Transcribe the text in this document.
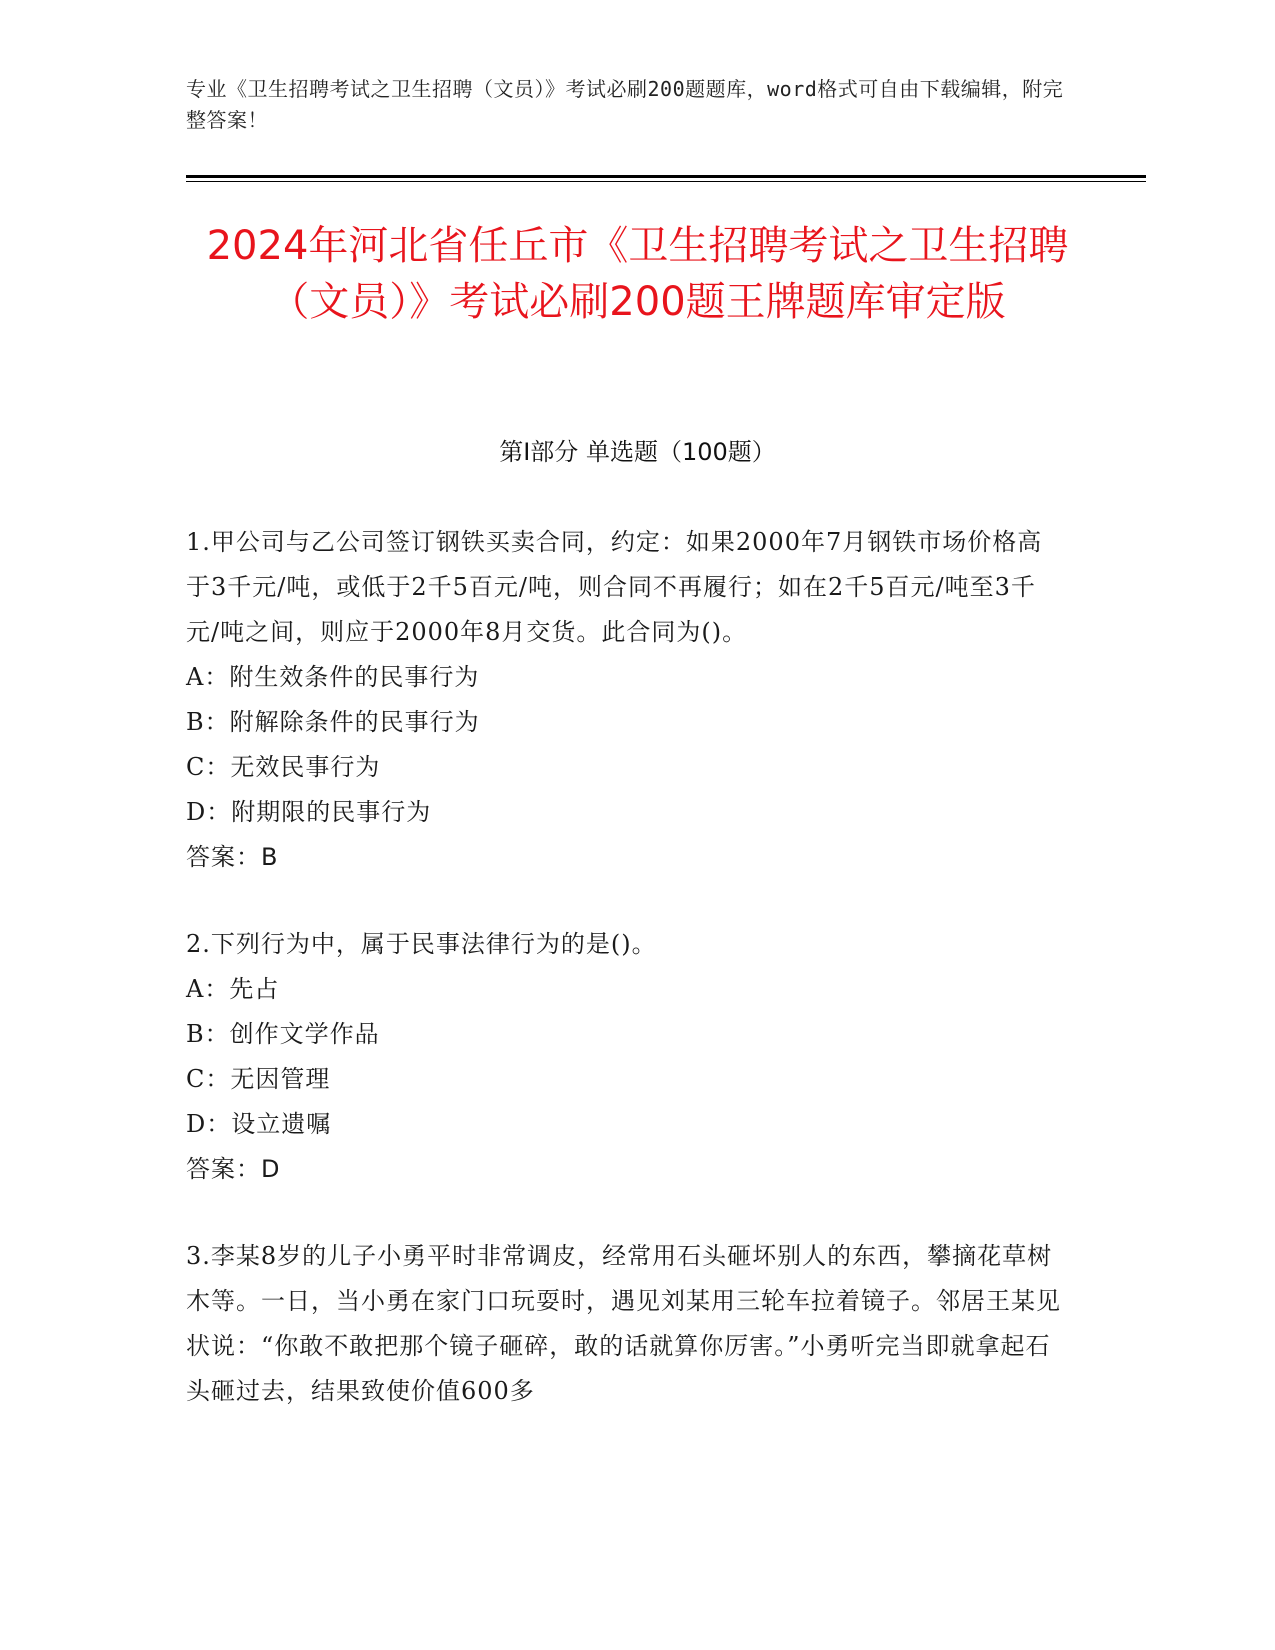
专业《卫生招聘考试之卫生招聘（文员）》考试必刷200题题库，word格式可自由下载编辑，附完整答案！
2024年河北省任丘市《卫生招聘考试之卫生招聘（文员）》考试必刷200题王牌题库审定版
第I部分 单选题（100题）

1.甲公司与乙公司签订钢铁买卖合同，约定：如果2000年7月钢铁市场价格高于3千元/吨，或低于2千5百元/吨，则合同不再履行；如在2千5百元/吨至3千元/吨之间，则应于2000年8月交货。此合同为()。

A：附生效条件的民事行为

B：附解除条件的民事行为

C：无效民事行为

D：附期限的民事行为

答案：B

2.下列行为中，属于民事法律行为的是()。

A：先占

B：创作文学作品

C：无因管理

D：设立遗嘱

答案：D

3.李某8岁的儿子小勇平时非常调皮，经常用石头砸坏别人的东西，攀摘花草树木等。一日，当小勇在家门口玩耍时，遇见刘某用三轮车拉着镜子。邻居王某见状说：“你敢不敢把那个镜子砸碎，敢的话就算你厉害。”小勇听完当即就拿起石头砸过去，结果致使价值600多
